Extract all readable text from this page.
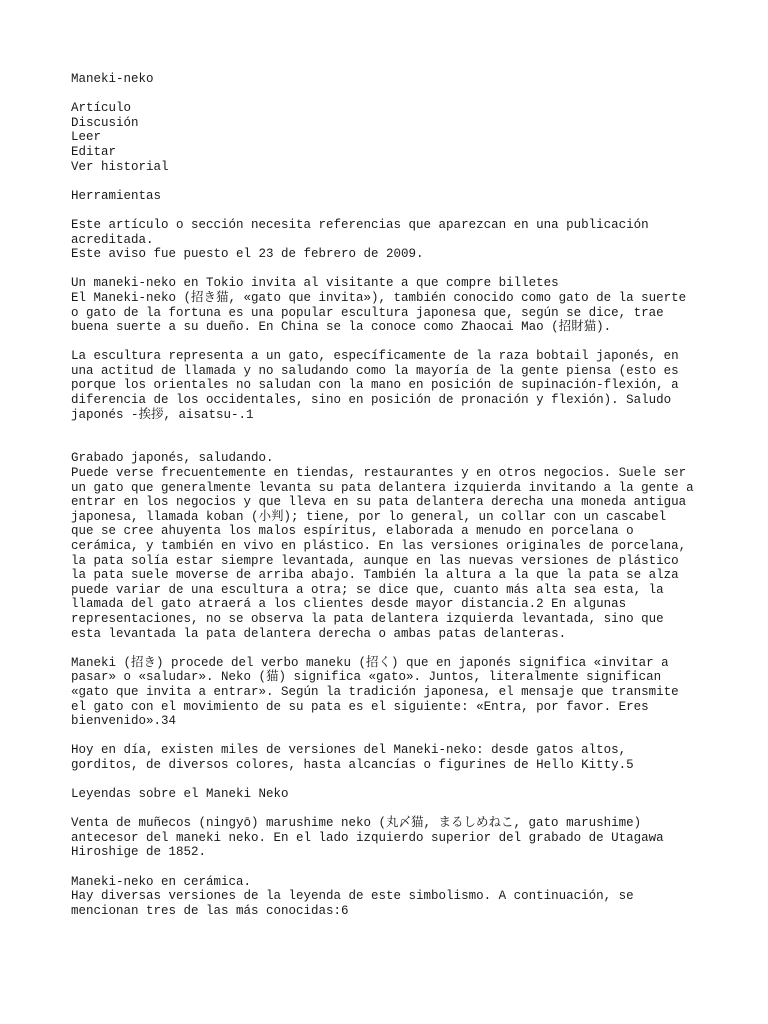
Maneki-neko
Artículo
Discusión
Leer
Editar
Ver historial
Herramientas
Este artículo o sección necesita referencias que aparezcan en una publicación
acreditada.
Este aviso fue puesto el 23 de febrero de 2009.
Un maneki-neko en Tokio invita al visitante a que compre billetes
El Maneki-neko (招き猫, «gato que invita»), también conocido como gato de la suerte
o gato de la fortuna es una popular escultura japonesa que, según se dice, trae
buena suerte a su dueño. En China se la conoce como Zhaocai Mao (招財猫).
La escultura representa a un gato, específicamente de la raza bobtail japonés, en
una actitud de llamada y no saludando como la mayoría de la gente piensa (esto es
porque los orientales no saludan con la mano en posición de supinación-flexión, a
diferencia de los occidentales, sino en posición de pronación y flexión). Saludo
japonés -挨拶, aisatsu-.1
Grabado japonés, saludando.
Puede verse frecuentemente en tiendas, restaurantes y en otros negocios. Suele ser
un gato que generalmente levanta su pata delantera izquierda invitando a la gente a
entrar en los negocios y que lleva en su pata delantera derecha una moneda antigua
japonesa, llamada koban (小判); tiene, por lo general, un collar con un cascabel
que se cree ahuyenta los malos espíritus, elaborada a menudo en porcelana o
cerámica, y también en vivo en plástico. En las versiones originales de porcelana,
la pata solía estar siempre levantada, aunque en las nuevas versiones de plástico
la pata suele moverse de arriba abajo. También la altura a la que la pata se alza
puede variar de una escultura a otra; se dice que, cuanto más alta sea esta, la
llamada del gato atraerá a los clientes desde mayor distancia.2 En algunas
representaciones, no se observa la pata delantera izquierda levantada, sino que
esta levantada la pata delantera derecha o ambas patas delanteras.
Maneki (招き) procede del verbo maneku (招く) que en japonés significa «invitar a
pasar» o «saludar». Neko (猫) significa «gato». Juntos, literalmente significan
«gato que invita a entrar». Según la tradición japonesa, el mensaje que transmite
el gato con el movimiento de su pata es el siguiente: «Entra, por favor. Eres
bienvenido».34
Hoy en día, existen miles de versiones del Maneki-neko: desde gatos altos,
gorditos, de diversos colores, hasta alcancías o figurines de Hello Kitty.5
Leyendas sobre el Maneki Neko
Venta de muñecos (ningyō) marushime neko (丸〆猫, まるしめねこ, gato marushime)
antecesor del maneki neko. En el lado izquierdo superior del grabado de Utagawa
Hiroshige de 1852.
Maneki-neko en cerámica.
Hay diversas versiones de la leyenda de este simbolismo. A continuación, se
mencionan tres de las más conocidas:6
